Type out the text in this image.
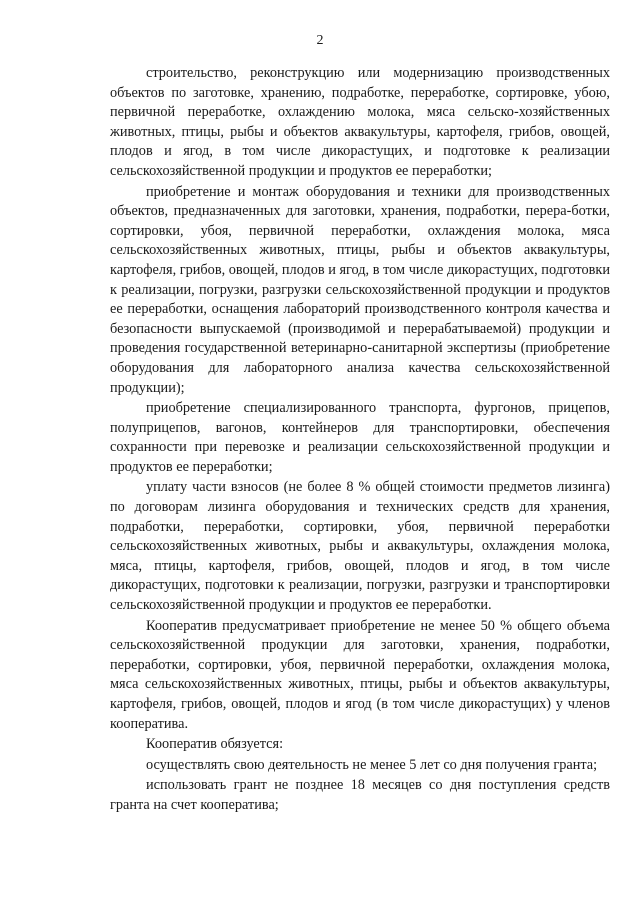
2

строительство, реконструкцию или модернизацию производственных объектов по заготовке, хранению, подработке, переработке, сортировке, убою, первичной переработке, охлаждению молока, мяса сельско-хозяйственных животных, птицы, рыбы и объектов аквакультуры, картофеля, грибов, овощей, плодов и ягод, в том числе дикорастущих, и подготовке к реализации сельскохозяйственной продукции и продуктов ее переработки;

приобретение и монтаж оборудования и техники для производственных объектов, предназначенных для заготовки, хранения, подработки, перера-ботки, сортировки, убоя, первичной переработки, охлаждения молока, мяса сельскохозяйственных животных, птицы, рыбы и объектов аквакультуры, картофеля, грибов, овощей, плодов и ягод, в том числе дикорастущих, подготовки к реализации, погрузки, разгрузки сельскохозяйственной продукции и продуктов ее переработки, оснащения лабораторий производственного контроля качества и безопасности выпускаемой (производимой и перерабатываемой) продукции и проведения государственной ветеринарно-санитарной экспертизы (приобретение оборудования для лабораторного анализа качества сельскохозяйственной продукции);

приобретение специализированного транспорта, фургонов, прицепов, полуприцепов, вагонов, контейнеров для транспортировки, обеспечения сохранности при перевозке и реализации сельскохозяйственной продукции и продуктов ее переработки;

уплату части взносов (не более 8 % общей стоимости предметов лизинга) по договорам лизинга оборудования и технических средств для хранения, подработки, переработки, сортировки, убоя, первичной переработки сельскохозяйственных животных, рыбы и аквакультуры, охлаждения молока, мяса, птицы, картофеля, грибов, овощей, плодов и ягод, в том числе дикорастущих, подготовки к реализации, погрузки, разгрузки и транспортировки сельскохозяйственной продукции и продуктов ее переработки.

Кооператив предусматривает приобретение не менее 50 % общего объема сельскохозяйственной продукции для заготовки, хранения, подработки, переработки, сортировки, убоя, первичной переработки, охлаждения молока, мяса сельскохозяйственных животных, птицы, рыбы и объектов аквакультуры, картофеля, грибов, овощей, плодов и ягод (в том числе дикорастущих) у членов кооператива.

Кооператив обязуется:

осуществлять свою деятельность не менее 5 лет со дня получения гранта;

использовать грант не позднее 18 месяцев со дня поступления средств гранта на счет кооператива;
